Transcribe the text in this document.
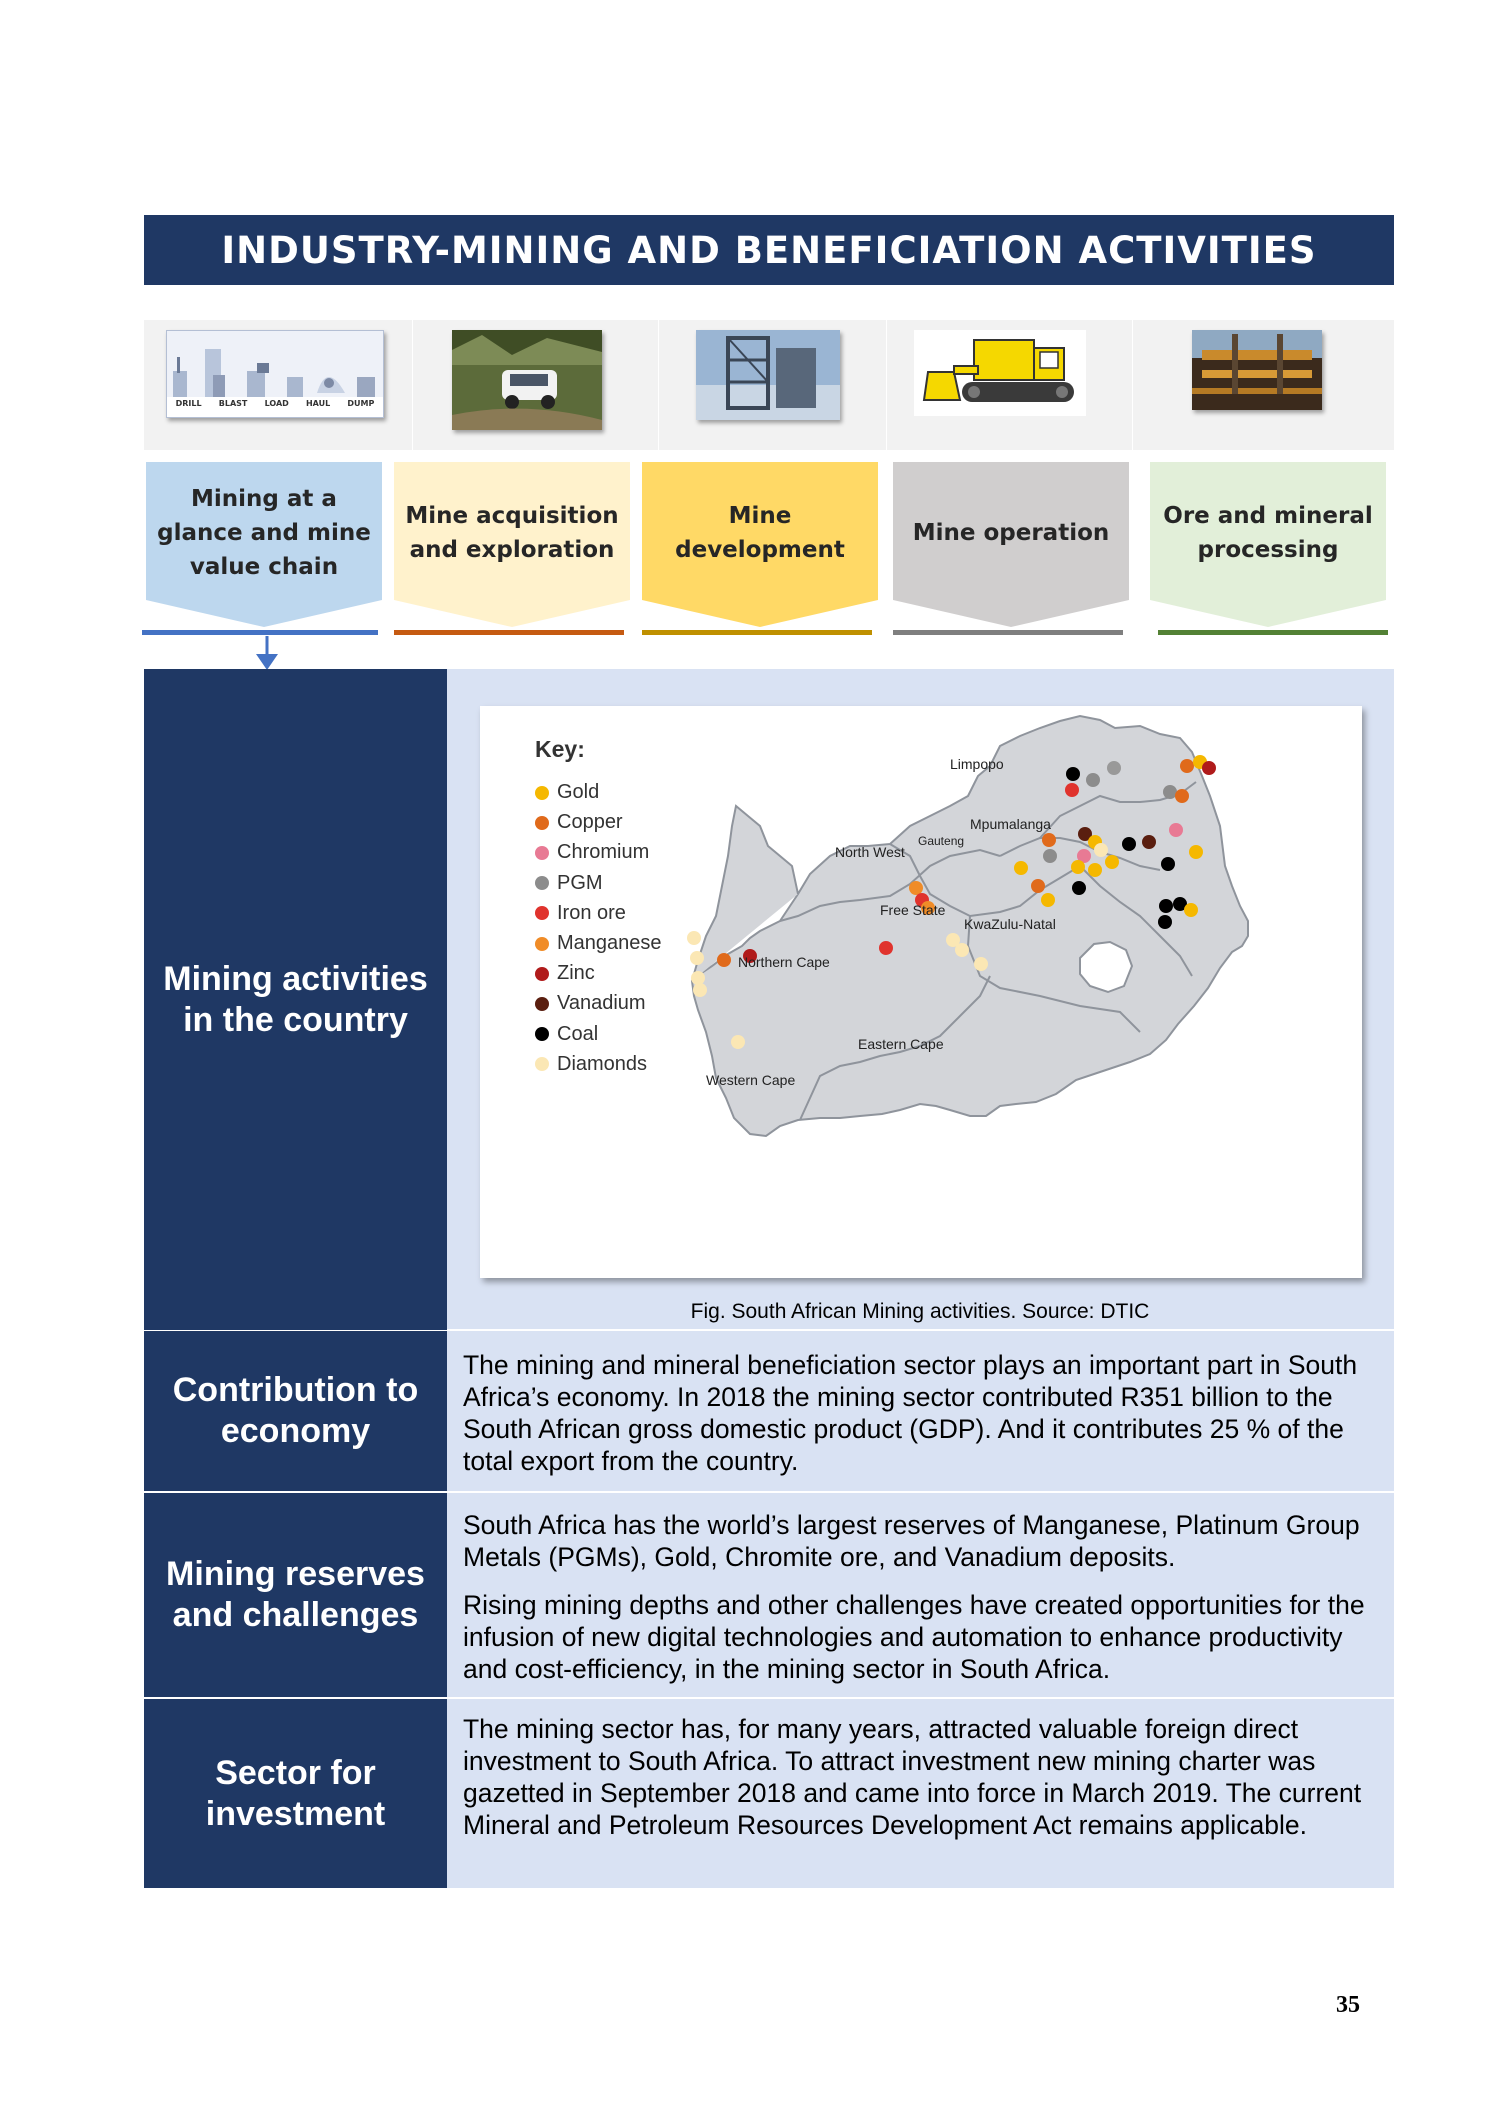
INDUSTRY-MINING AND BENEFICIATION ACTIVITIES
DRILL BLAST LOAD HAUL DUMP
Mining at a glance and mine value chain
Mine acquisition and exploration
Mine development
Mine operation
Ore and mineral processing
Mining activities in the country
Key:
Gold
Copper
Chromium
PGM
Iron ore
Manganese
Zinc
Vanadium
Coal
Diamonds
Limpopo
Mpumalanga
Gauteng
North West
Free State
KwaZulu-Natal
Northern Cape
Eastern Cape
Western Cape
Fig. South African Mining activities. Source: DTIC
Contribution to economy

The mining and mineral beneficiation sector plays an important part in South Africa’s economy. In 2018 the mining sector contributed R351 billion to the South African gross domestic product (GDP). And it contributes 25 % of the total export from the country.

Mining reserves and challenges

South Africa has the world’s largest reserves of Manganese, Platinum Group Metals (PGMs), Gold, Chromite ore, and Vanadium deposits.

Rising mining depths and other challenges have created opportunities for the infusion of new digital technologies and automation to enhance productivity and cost-efficiency, in the mining sector in South Africa.

Sector for investment

The mining sector has, for many years, attracted valuable foreign direct investment to South Africa. To attract investment new mining charter was gazetted in September 2018 and came into force in March 2019. The current Mineral and Petroleum Resources Development Act remains applicable.

35
